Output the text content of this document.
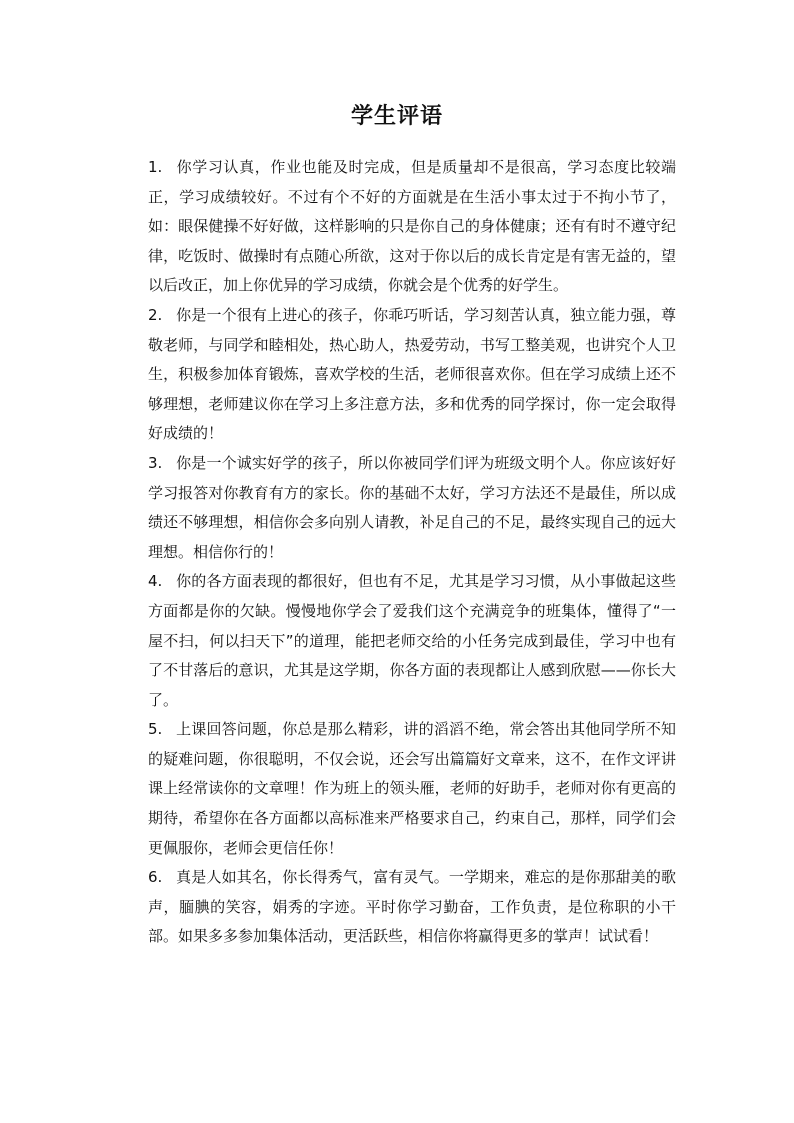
学生评语

1. 你学习认真，作业也能及时完成，但是质量却不是很高，学习态度比较端正，学习成绩较好。不过有个不好的方面就是在生活小事太过于不拘小节了，如：眼保健操不好好做，这样影响的只是你自己的身体健康；还有有时不遵守纪律，吃饭时、做操时有点随心所欲，这对于你以后的成长肯定是有害无益的，望以后改正，加上你优异的学习成绩，你就会是个优秀的好学生。

2. 你是一个很有上进心的孩子，你乖巧听话，学习刻苦认真，独立能力强，尊敬老师，与同学和睦相处，热心助人，热爱劳动，书写工整美观，也讲究个人卫生，积极参加体育锻炼，喜欢学校的生活，老师很喜欢你。但在学习成绩上还不够理想，老师建议你在学习上多注意方法，多和优秀的同学探讨，你一定会取得好成绩的！

3. 你是一个诚实好学的孩子，所以你被同学们评为班级文明个人。你应该好好学习报答对你教育有方的家长。你的基础不太好，学习方法还不是最佳，所以成绩还不够理想，相信你会多向别人请教，补足自己的不足，最终实现自己的远大理想。相信你行的！

4. 你的各方面表现的都很好，但也有不足，尤其是学习习惯，从小事做起这些方面都是你的欠缺。慢慢地你学会了爱我们这个充满竞争的班集体，懂得了“一屋不扫，何以扫天下”的道理，能把老师交给的小任务完成到最佳，学习中也有了不甘落后的意识，尤其是这学期，你各方面的表现都让人感到欣慰——你长大了。

5. 上课回答问题，你总是那么精彩，讲的滔滔不绝，常会答出其他同学所不知的疑难问题，你很聪明，不仅会说，还会写出篇篇好文章来，这不，在作文评讲课上经常读你的文章哩！作为班上的领头雁，老师的好助手，老师对你有更高的期待，希望你在各方面都以高标准来严格要求自己，约束自己，那样，同学们会更佩服你，老师会更信任你！

6. 真是人如其名，你长得秀气，富有灵气。一学期来，难忘的是你那甜美的歌声，腼腆的笑容，娟秀的字迹。平时你学习勤奋，工作负责，是位称职的小干部。如果多多参加集体活动，更活跃些，相信你将赢得更多的掌声！试试看！
